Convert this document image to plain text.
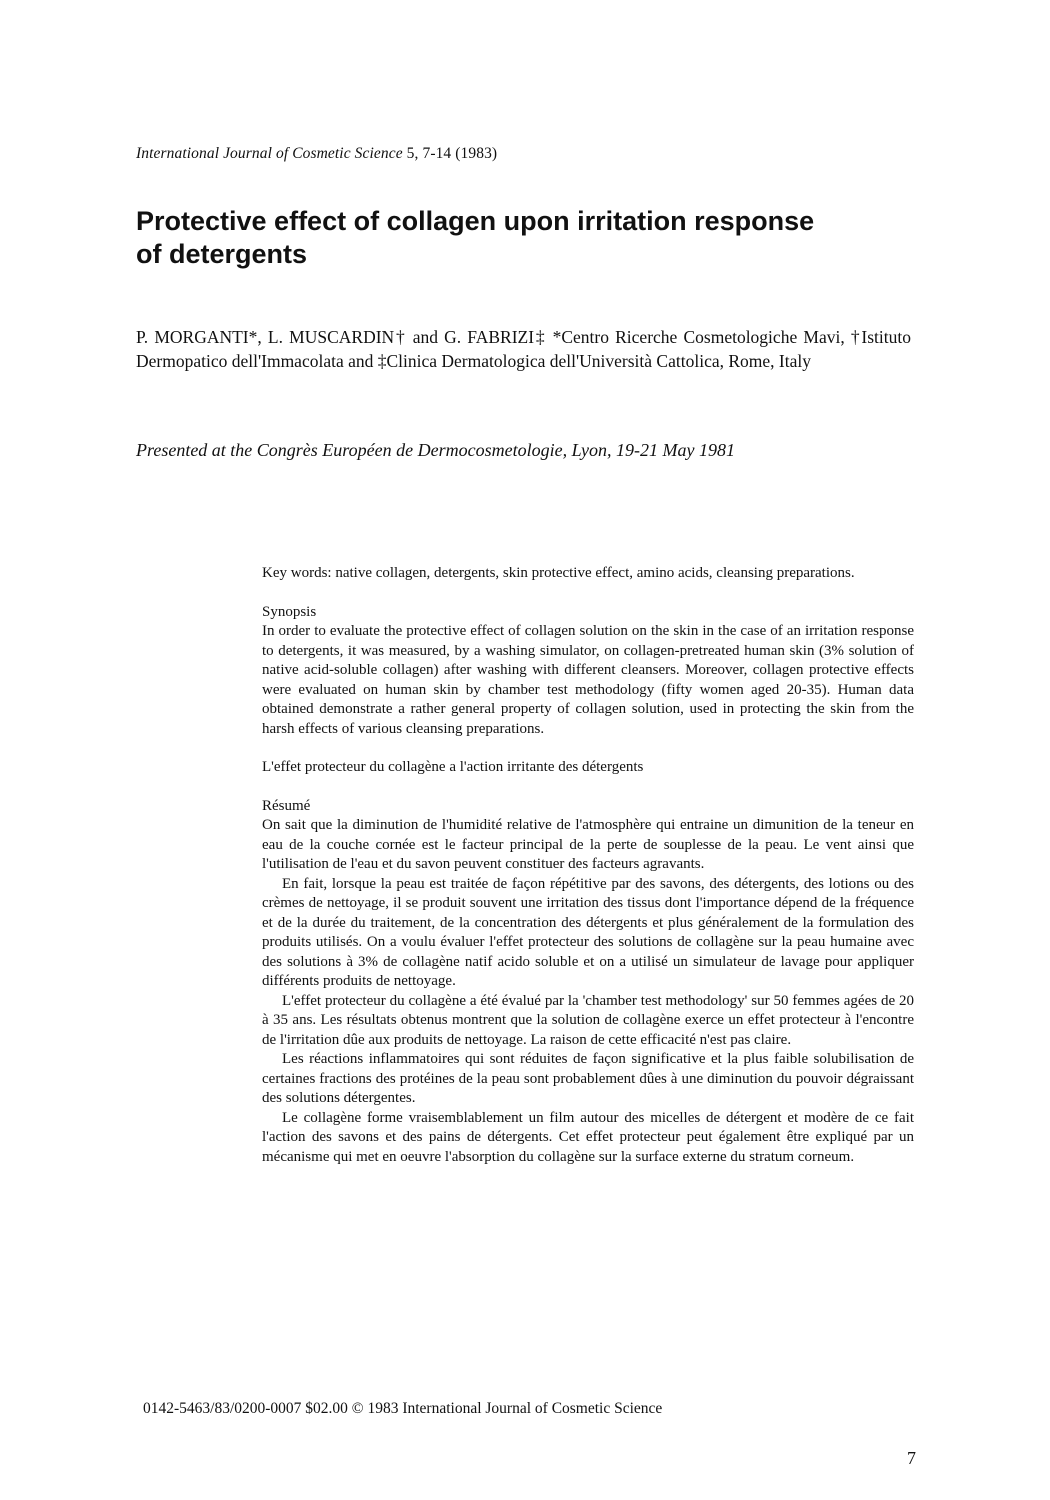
International Journal of Cosmetic Science 5, 7-14 (1983)
Protective effect of collagen upon irritation response of detergents

P. MORGANTI*, L. MUSCARDIN† and G. FABRIZI‡ *Centro Ricerche Cosmetologiche Mavi, †Istituto Dermopatico dell'Immacolata and ‡Clinica Dermatologica dell'Università Cattolica, Rome, Italy

Presented at the Congrès Européen de Dermocosmetologie, Lyon, 19-21 May 1981

Key words: native collagen, detergents, skin protective effect, amino acids, cleansing preparations.

Synopsis

In order to evaluate the protective effect of collagen solution on the skin in the case of an irritation response to detergents, it was measured, by a washing simulator, on collagen-pretreated human skin (3% solution of native acid-soluble collagen) after washing with different cleansers. Moreover, collagen protective effects were evaluated on human skin by chamber test methodology (fifty women aged 20-35). Human data obtained demonstrate a rather general property of collagen solution, used in protecting the skin from the harsh effects of various cleansing preparations.

L'effet protecteur du collagène a l'action irritante des détergents

Résumé

On sait que la diminution de l'humidité relative de l'atmosphère qui entraine un dimunition de la teneur en eau de la couche cornée est le facteur principal de la perte de souplesse de la peau. Le vent ainsi que l'utilisation de l'eau et du savon peuvent constituer des facteurs agravants.

En fait, lorsque la peau est traitée de façon répétitive par des savons, des détergents, des lotions ou des crèmes de nettoyage, il se produit souvent une irritation des tissus dont l'importance dépend de la fréquence et de la durée du traitement, de la concentration des détergents et plus généralement de la formulation des produits utilisés. On a voulu évaluer l'effet protecteur des solutions de collagène sur la peau humaine avec des solutions à 3% de collagène natif acido soluble et on a utilisé un simulateur de lavage pour appliquer différents produits de nettoyage.

L'effet protecteur du collagène a été évalué par la 'chamber test methodology' sur 50 femmes agées de 20 à 35 ans. Les résultats obtenus montrent que la solution de collagène exerce un effet protecteur à l'encontre de l'irritation dûe aux produits de nettoyage. La raison de cette efficacité n'est pas claire.

Les réactions inflammatoires qui sont réduites de façon significative et la plus faible solubilisation de certaines fractions des protéines de la peau sont probablement dûes à une diminution du pouvoir dégraissant des solutions détergentes.

Le collagène forme vraisemblablement un film autour des micelles de détergent et modère de ce fait l'action des savons et des pains de détergents. Cet effet protecteur peut également être expliqué par un mécanisme qui met en oeuvre l'absorption du collagène sur la surface externe du stratum corneum.

0142-5463/83/0200-0007 $02.00 © 1983 International Journal of Cosmetic Science
7
